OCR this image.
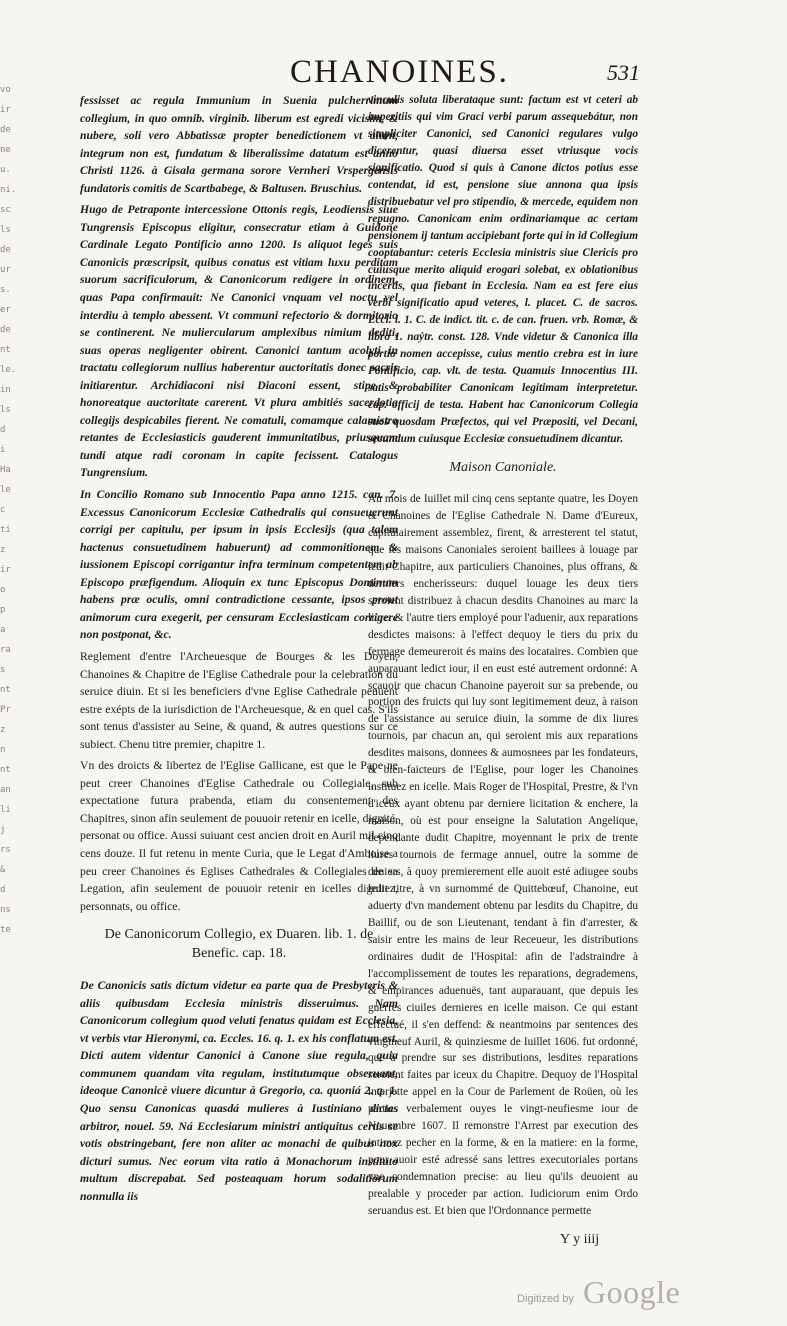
vo
ir
de
ne
u.
ni.
sc
ls
de
ur
s.
er
de
nt
le.
in
ls
d
i
Ha
le
c
ti
z
ir
o
p
a
ra
s
nt
Pr
z
n
nt
an
li
j
rs
&
d
ns
te
CHANOINES.	531

fessisset ac regula Immunium in Suenia pulcherrimum collegium, in quo omnib. virginib. liberum est egredi vicisim, & nubere, soli vero Abbatissæ propter benedictionem vt aiunt, integrum non est, fundatum & liberalissime datatum est anno Christi 1126. à Gisala germana sorore Vernheri Vrspergensis fundatoris comitis de Scartbabege, & Baltusen. Bruschius.

Hugo de Petraponte intercessione Ottonis regis, Leodiensis siue Tungrensis Episcopus eligitur, consecratur etiam à Guidone Cardinale Legato Pontificio anno 1200. Is aliquot leges suis Canonicis præscripsit, quibus conatus est vitiam luxu perditam suorum sacrificulorum, & Canonicorum redigere in ordinem, quas Papa confirmauit: Ne Canonici vnquam vel noctu vel interdiu à templo abessent. Vt communi refectorio & dormitorio se continerent. Ne muliercularum amplexibus nimium dediti, suas operas negligenter obirent. Canonici tantum acolyti in tractatu collegiorum nullius haberentur auctoritatis donec sacris initiarentur. Archidiaconi nisi Diaconi essent, stipe & honoreatque auctoritate carerent. Vt plura ambitiés sacerdotia collegijs despicabiles fierent. Ne comatuli, comamque calamistro retantes de Ecclesiasticis gauderent immunitatibus, priusquam tundi atque radi coronam in capite fecissent. Catalogus Tungrensium.

In Concilio Romano sub Innocentio Papa anno 1215. can. 7. Excessus Canonicorum Ecclesiæ Cathedralis qui consueuerunt corrigi per capitulu, per ipsum in ipsis Ecclesijs (qua talem hactenus consuetudinem habuerunt) ad commonitionem & iussionem Episcopi corrigantur infra terminum competentem ab Episcopo præfigendum. Alioquin ex tunc Episcopus Dominum habens præ oculis, omni contradictione cessante, ipsos prout animorum cura exegerit, per censuram Ecclesiasticam corrigere non postponat, &c.

Reglement d'entre l'Archeuesque de Bourges & les Doyen, Chanoines & Chapitre de l'Eglise Cathedrale pour la celebration du seruice diuin. Et si les beneficiers d'vne Eglise Cathedrale peuuent estre exépts de la iurisdiction de l'Archeuesque, & en quel cas. S'ils sont tenus d'assister au Seine, & quand, & autres questions sur ce subiect. Chenu titre premier, chapitre 1.

Vn des droicts & libertez de l'Eglise Gallicane, est que le Pape ne peut creer Chanoines d'Eglise Cathedrale ou Collegiale, sub expectatione futura prabenda, etiam du consentement des Chapitres, sinon afin seulement de pouuoir retenir en icelle, dignité, personat ou office. Aussi suiuant cest ancien droit en Auril mil cinq cens douze. Il fut retenu in mente Curia, que le Legat d'Amboise a peu creer Chanoines és Eglises Cathedrales & Collegiales de sa Legation, afin seulement de pouuoir retenir en icelles dignitez, personnats, ou office.

De Canonicorum Collegio, ex Duaren. lib. 1. de Benefic. cap. 18.

De Canonicis satis dictum videtur ea parte qua de Presbyteris & aliis quibusdam Ecclesia ministris disseruimus. Nam Canonicorum collegium quod veluti fenatus quidam est Ecclesia, vt verbis vtar Hieronymi, ca. Eccles. 16. q. 1. ex his conflatum est. Dicti autem videntur Canonici à Canone siue regula, quia communem quandam vita regulam, institutumque obseruant, ideoque Canonicè viuere dicuntur à Gregorio, ca. quoniá 2. q. 1. Quo sensu Canonicas quasdá mulieres à Iustiniano dictas arbitror, nouel. 59. Ná Ecclesiarum ministri antiquitus certis se votis obstringebant, fere non aliter ac monachi de quibus nox dicturi sumus. Nec eorum vita ratio à Monachorum instituto multum discrepabat. Sed posteaquam horum sodalitiorum nonnulla iis

vinculis soluta liberataque sunt: factum est vt ceteri ab imperitiis qui vim Graci verbi parum assequebátur, non simpliciter Canonici, sed Canonici regulares vulgo dicerentur, quasi diuersa esset vtriusque vocis significatio. Quod si quis à Canone dictos potius esse contendat, id est, pensione siue annona qua ipsis distribuebatur vel pro stipendio, & mercede, equidem non repugno. Canonicam enim ordinariamque ac certam pensionem ij tantum accipiebant forte qui in id Collegium cooptabantur: ceteris Ecclesia ministris siue Clericis pro cuiusque merito aliquid erogari solebat, ex oblationibus incertis, qua fiebant in Ecclesia. Nam ea est fere eius verbi significatio apud veteres, l. placet. C. de sacros. Eccl. l. 1. C. de indict. tit. c. de can. fruen. vrb. Romæ, & libro 1. naẏtr. const. 128. Vnde videtur & Canonica illa portio nomen accepisse, cuius mentio crebra est in iure Pontificio, cap. vlt. de testa. Quamuis Innocentius III. satis probabiliter Canonicam legitimam interpretetur. cap. officij de testa. Habent hac Canonicorum Collegia suos quosdam Præfectos, qui vel Præpositi, vel Decani, secundum cuiusque Ecclesiæ consuetudinem dicantur.

Maison Canoniale.

Au mois de Iuillet mil cinq cens septante quatre, les Doyen & Chanoines de l'Eglise Cathedrale N. Dame d'Eureux, capitulairement assemblez, firent, & arresterent tel statut, que les maisons Canoniales seroient baillees à louage par ledit Chapitre, aux particuliers Chanoines, plus offrans, & derniers encherisseurs: duquel louage les deux tiers seroient distribuez à chacun desdits Chanoines au marc la liure: & l'autre tiers employé pour l'aduenir, aux reparations desdictes maisons: à l'effect dequoy le tiers du prix du fermage demeureroit és mains des locataires. Combien que auparauant ledict iour, il en eust esté autrement ordonné: A sçauoir que chacun Chanoine payeroit sur sa prebende, ou portion des fruicts qui luy sont legitimement deuz, à raison de l'assistance au seruice diuin, la somme de dix liures tournois, par chacun an, qui seroient mis aux reparations desdites maisons, donnees & aumosnees par les fondateurs, & bien-faicteurs de l'Eglise, pour loger les Chanoines instituez en icelle. Mais Roger de l'Hospital, Prestre, & l'vn d'iceux ayant obtenu par derniere licitation & enchere, la maison, où est pour enseigne la Salutation Angelique, dependante dudit Chapitre, moyennant le prix de trente liures tournois de fermage annuel, outre la somme de deniers, à quoy premierement elle auoit esté adiugee soubs ledit titre, à vn surnommé de Quittebœuf, Chanoine, eut aduerty d'vn mandement obtenu par lesdits du Chapitre, du Baillif, ou de son Lieutenant, tendant à fin d'arrester, & saisir entre les mains de leur Receueur, les distributions ordinaires dudit de l'Hospital: afin de l'adstraindre à l'accomplissement de toutes les reparations, degrademens, & empirances aduenuës, tant auparauant, que depuis les guerres ciuiles dernieres en icelle maison. Ce qui estant effectué, il s'en deffend: & neantmoins par sentences des vingtneuf Auril, & quinziesme de Iuillet 1606. fut ordonné, que à prendre sur ses distributions, lesdites reparations seroient faites par iceux du Chapitre. Dequoy de l'Hospital interjette appel en la Cour de Parlement de Roüen, où les parties verbalement ouyes le vingt-neufiesme iour de Nouembre 1607. Il remonstre l'Arrest par execution des intimez pecher en la forme, & en la matiere: en la forme, pour auoir esté adressé sans lettres executoriales portans vne condemnation precise: au lieu qu'ils deuoient au prealable y proceder par action. Iudiciorum enim Ordo seruandus est. Et bien que l'Ordonnance permette

Y y iiij
Digitized by Google
